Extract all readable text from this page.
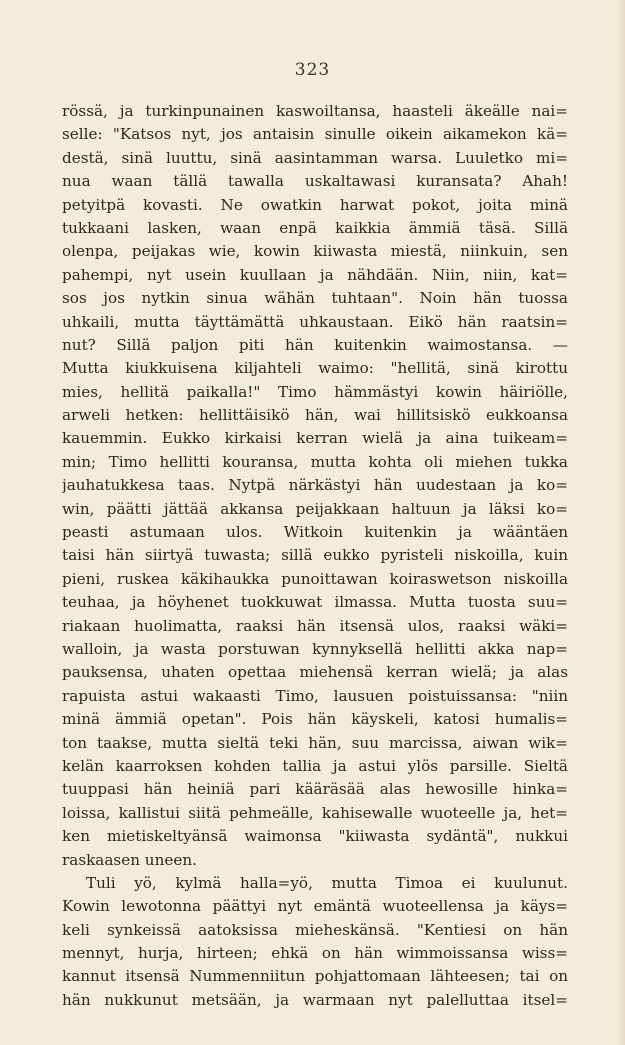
323
rössä, ja turkinpunainen kaswoiltansa, haasteli äkeälle nai=
selle: "Katsos nyt, jos antaisin sinulle oikein aikamekon kä=
destä, sinä luuttu, sinä aasintamman warsa. Luuletko mi=
nua waan tällä tawalla uskaltawasi kuransata? Ahah!
petyitpä kovasti. Ne owatkin harwat pokot, joita minä
tukkaani lasken, waan enpä kaikkia ämmiä täsä. Sillä
olenpa, peijakas wie, kowin kiiwasta miestä, niinkuin, sen
pahempi, nyt usein kuullaan ja nähdään. Niin, niin, kat=
sos jos nytkin sinua wähän tuhtaan". Noin hän tuossa
uhkaili, mutta täyttämättä uhkaustaan. Eikö hän raatsin=
nut? Sillä paljon piti hän kuitenkin waimostansa. —
Mutta kiukkuisena kiljahteli waimo: "hellitä, sinä kirottu
mies, hellitä paikalla!" Timo hämmästyi kowin häiriölle,
arweli hetken: hellittäisikö hän, wai hillitsiskö eukkoansa
kauemmin. Eukko kirkaisi kerran wielä ja aina tuikeam=
min; Timo hellitti kouransa, mutta kohta oli miehen tukka
jauhatukkesa taas. Nytpä närkästyi hän uudestaan ja ko=
win, päätti jättää akkansa peijakkaan haltuun ja läksi ko=
peasti astumaan ulos. Witkoin kuitenkin ja wääntäen
taisi hän siirtyä tuwasta; sillä eukko pyristeli niskoilla, kuin
pieni, ruskea käkihaukka punoittawan koiraswetson niskoilla
teuhaa, ja höyhenet tuokkuwat ilmassa. Mutta tuosta suu=
riakaan huolimatta, raaksi hän itsensä ulos, raaksi wäki=
walloin, ja wasta porstuwan kynnyksellä hellitti akka nap=
pauksensa, uhaten opettaa miehensä kerran wielä; ja alas
rapuista astui wakaasti Timo, lausuen poistuissansa: "niin
minä ämmiä opetan". Pois hän käyskeli, katosi humalis=
ton taakse, mutta sieltä teki hän, suu marcissa, aiwan wik=
kelän kaarroksen kohden tallia ja astui ylös parsille. Sieltä
tuuppasi hän heiniä pari kääräsää alas hewosille hinka=
loissa, kallistui siitä pehmeälle, kahisewalle wuoteelle ja, het=
ken mietiskeltyänsä waimonsa "kiiwasta sydäntä", nukkui
raskaasen uneen.
Tuli yö, kylmä halla=yö, mutta Timoa ei kuulunut.
Kowin lewotonna päättyi nyt emäntä wuoteellensa ja käys=
keli synkeissä aatoksissa mieheskänsä. "Kentiesi on hän
mennyt, hurja, hirteen; ehkä on hän wimmoissansa wiss=
kannut itsensä Nummenniitun pohjattomaan lähteesen; tai on
hän nukkunut metsään, ja warmaan nyt palelluttaa itsel=
